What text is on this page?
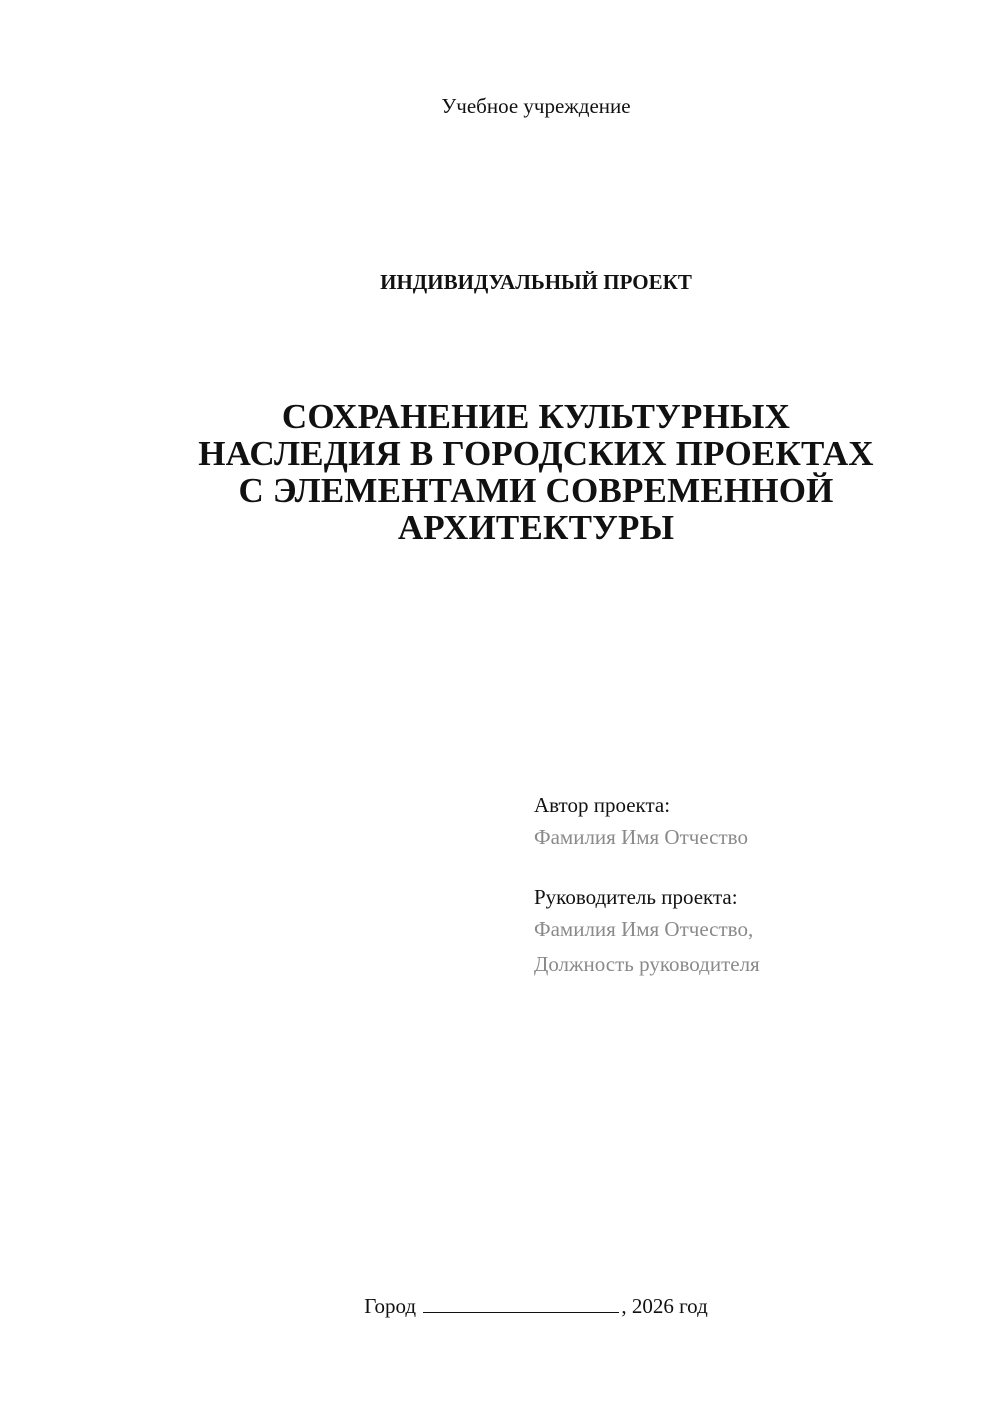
Учебное учреждение
ИНДИВИДУАЛЬНЫЙ ПРОЕКТ
СОХРАНЕНИЕ КУЛЬТУРНЫХ
НАСЛЕДИЯ В ГОРОДСКИХ ПРОЕКТАХ
С ЭЛЕМЕНТАМИ СОВРЕМЕННОЙ
АРХИТЕКТУРЫ
Автор проекта:
Фамилия Имя Отчество
Руководитель проекта:
Фамилия Имя Отчество,
Должность руководителя
Город	, 2026 год
